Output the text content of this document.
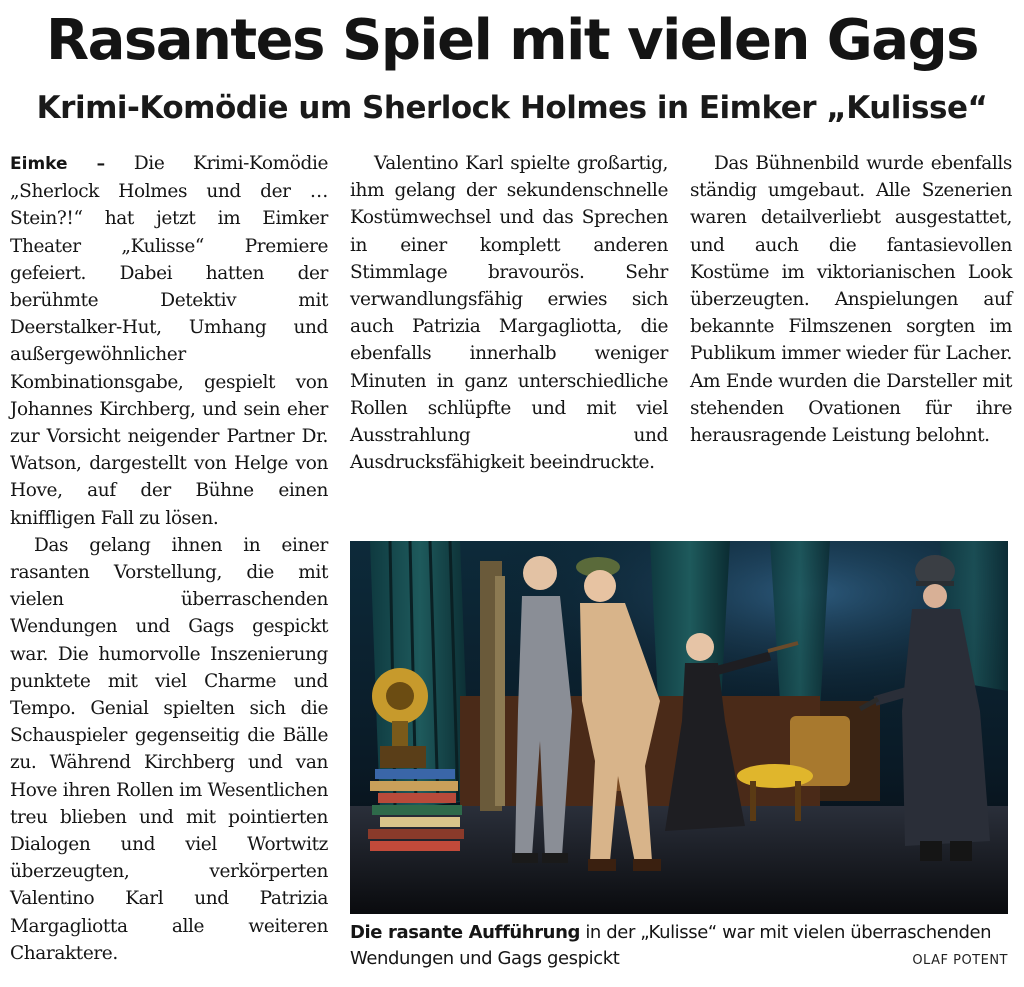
Rasantes Spiel mit vielen Gags
Krimi-Komödie um Sherlock Holmes in Eimker „Kulisse“

Eimke – Die Krimi-Komödie „Sherlock Holmes und der … Stein?!“ hat jetzt im Eimker Theater „Kulisse“ Premiere gefeiert. Dabei hatten der berühmte Detektiv mit Deerstalker-Hut, Umhang und außergewöhnlicher Kombinationsgabe, gespielt von Johannes Kirchberg, und sein eher zur Vorsicht neigender Partner Dr. Watson, dargestellt von Helge von Hove, auf der Bühne einen kniffligen Fall zu lösen.

Das gelang ihnen in einer rasanten Vorstellung, die mit vielen überraschenden Wendungen und Gags gespickt war. Die humorvolle Inszenierung punktete mit viel Charme und Tempo. Genial spielten sich die Schauspieler gegenseitig die Bälle zu. Während Kirchberg und van Hove ihren Rollen im Wesentlichen treu blieben und mit pointierten Dialogen und viel Wortwitz überzeugten, verkörperten Valentino Karl und Patrizia Margagliotta alle weiteren Charaktere.

Valentino Karl spielte großartig, ihm gelang der sekundenschnelle Kostümwechsel und das Sprechen in einer komplett anderen Stimmlage bravourös. Sehr verwandlungsfähig erwies sich auch Patrizia Margagliotta, die ebenfalls innerhalb weniger Minuten in ganz unterschiedliche Rollen schlüpfte und mit viel Ausstrahlung und Ausdrucksfähigkeit beeindruckte.

Das Bühnenbild wurde ebenfalls ständig umgebaut. Alle Szenerien waren detailverliebt ausgestattet, und auch die fantasievollen Kostüme im viktorianischen Look überzeugten. Anspielungen auf bekannte Filmszenen sorgten im Publikum immer wieder für Lacher. Am Ende wurden die Darsteller mit stehenden Ovationen für ihre herausragende Leistung belohnt.

Die rasante Aufführung in der „Kulisse“ war mit vielen überraschenden Wendungen und Gags gespickt	OLAF POTENT
